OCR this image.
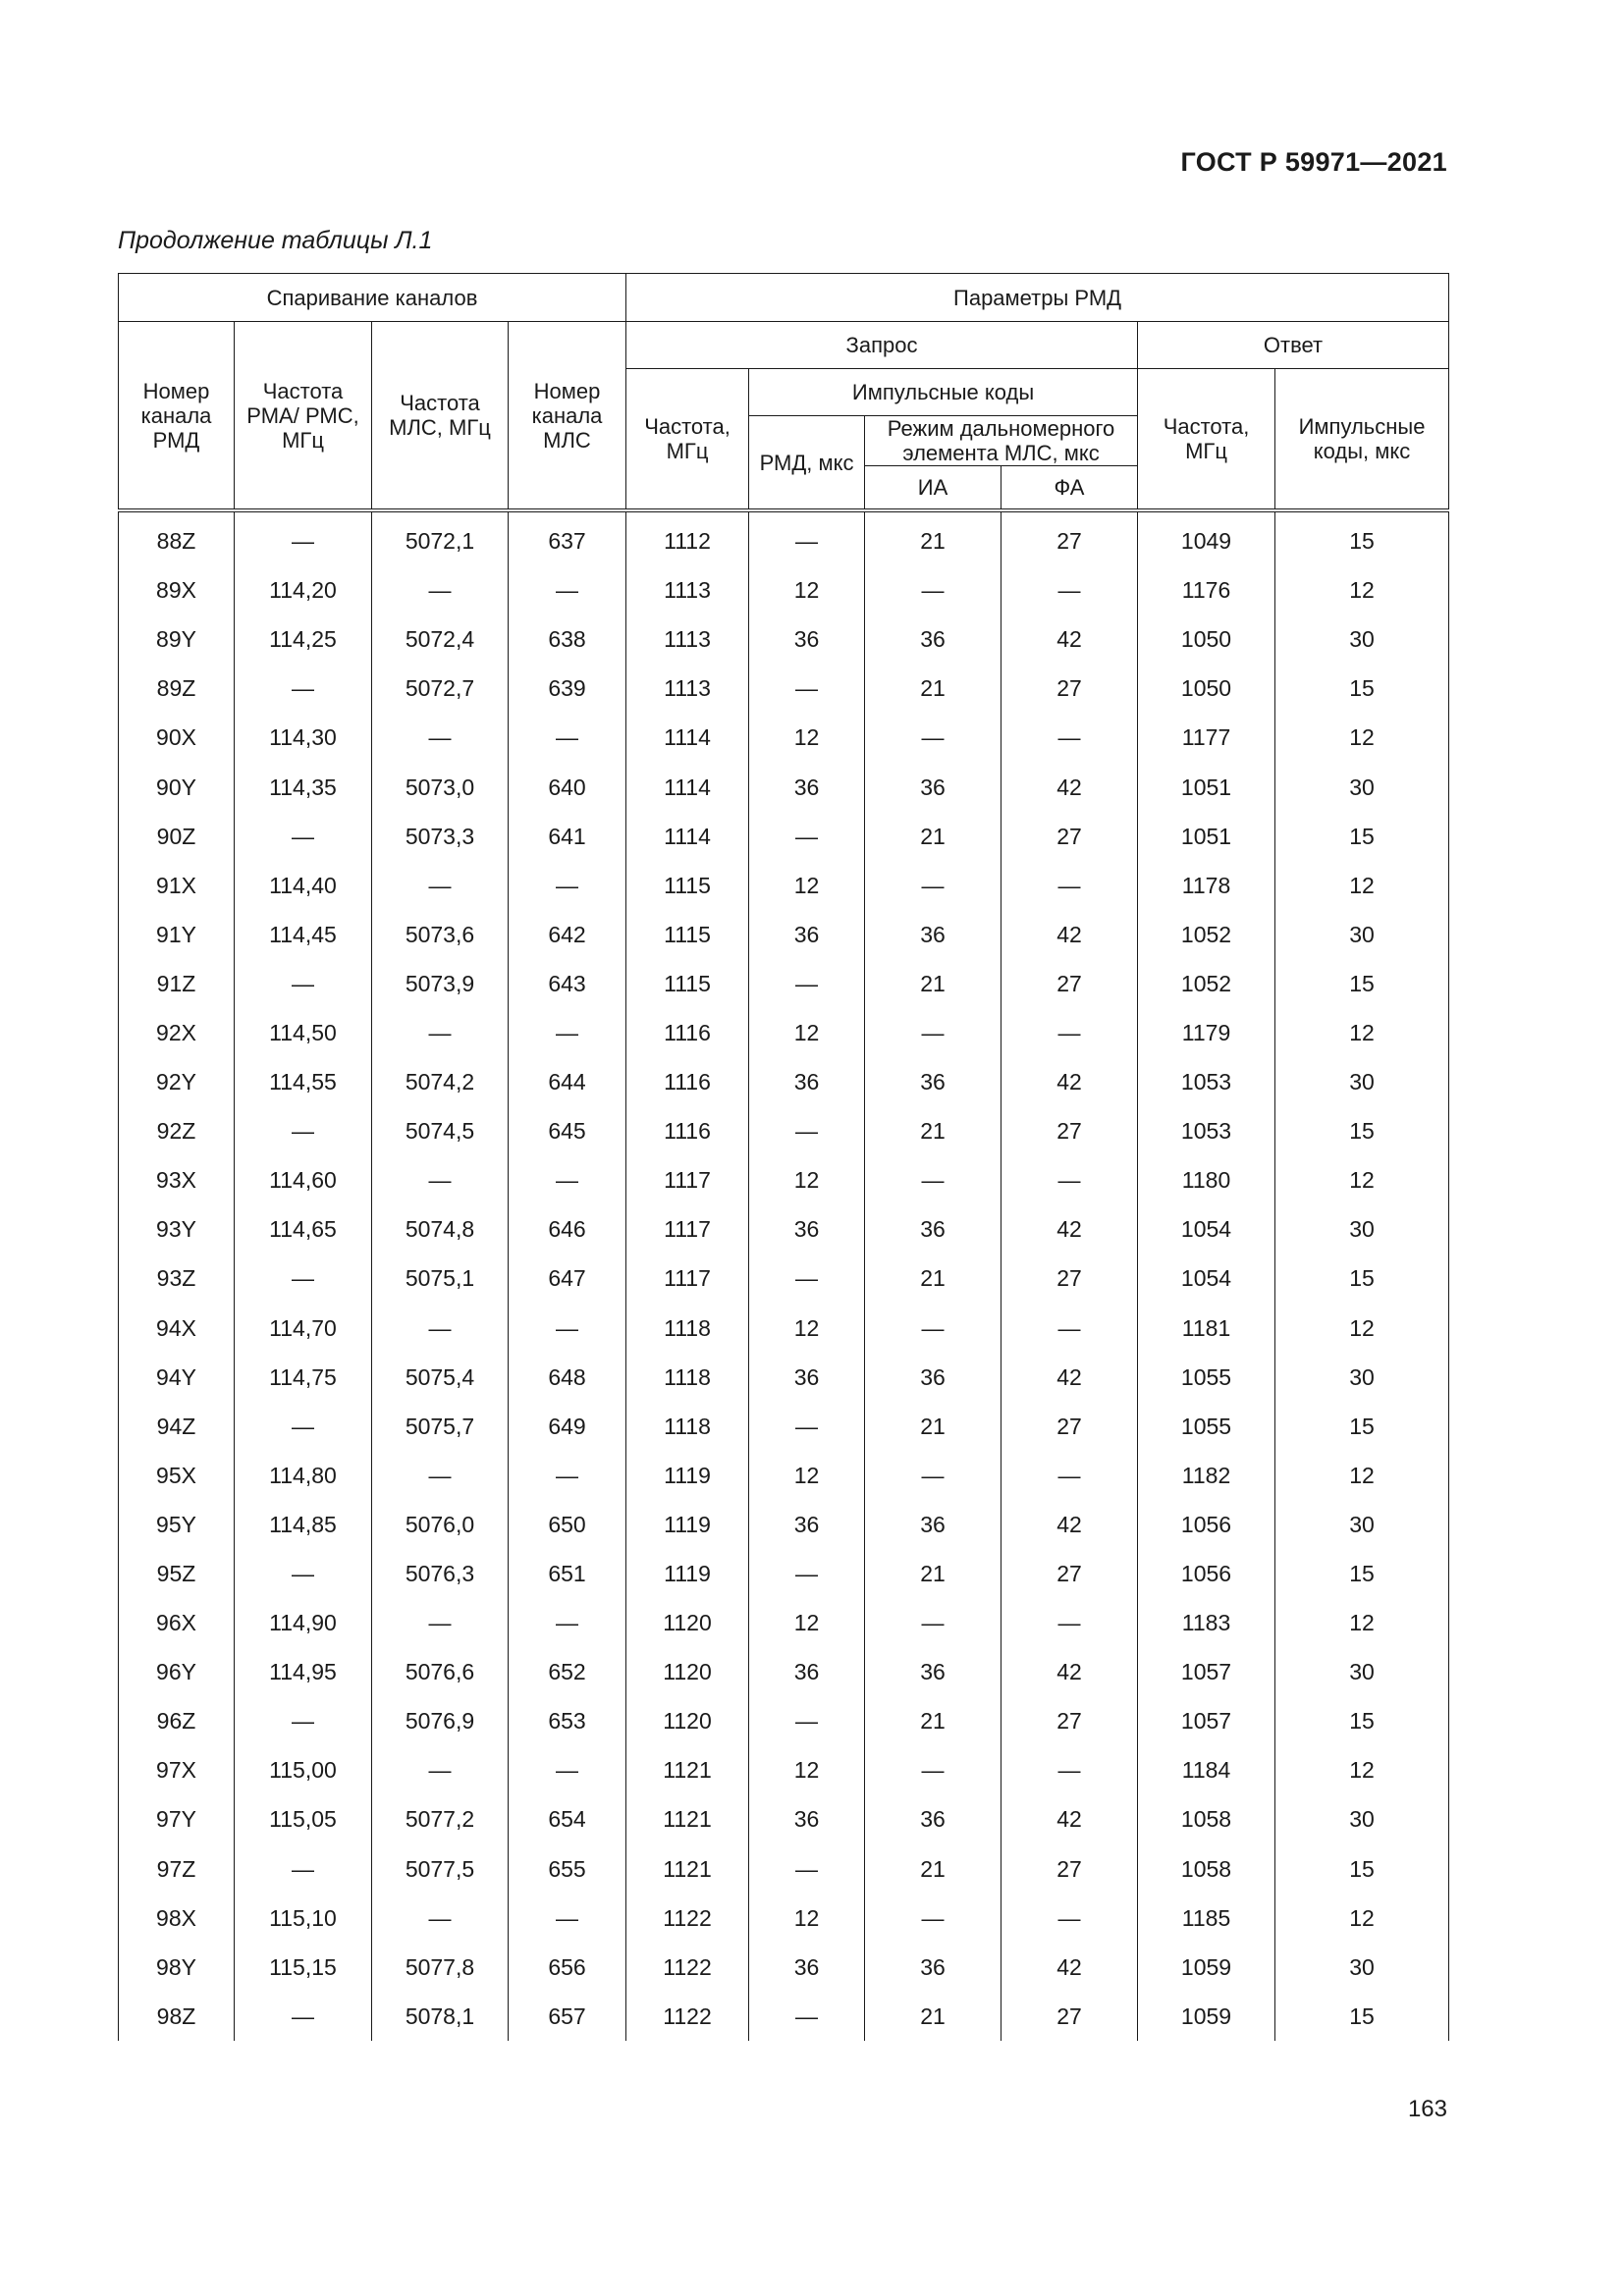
ГОСТ Р 59971—2021
Продолжение таблицы Л.1
Спаривание каналов				Параметры РМД					
Номер канала РМД	Частота РМА/ РМС, МГц	Частота МЛС, МГц	Номер канала МЛС	Запрос				Ответ	
				Частота, МГц	Импульсные коды			Частота, МГц	Импульсные коды, мкс
					РМД, мкс	Режим дальномерного элемента МЛС, мкс			
						ИА	ФА		
88Z	—	5072,1	637	1112	—	21	27	1049	15
89X	114,20	—	—	1113	12	—	—	1176	12
89Y	114,25	5072,4	638	1113	36	36	42	1050	30
89Z	—	5072,7	639	1113	—	21	27	1050	15
90X	114,30	—	—	1114	12	—	—	1177	12
90Y	114,35	5073,0	640	1114	36	36	42	1051	30
90Z	—	5073,3	641	1114	—	21	27	1051	15
91X	114,40	—	—	1115	12	—	—	1178	12
91Y	114,45	5073,6	642	1115	36	36	42	1052	30
91Z	—	5073,9	643	1115	—	21	27	1052	15
92X	114,50	—	—	1116	12	—	—	1179	12
92Y	114,55	5074,2	644	1116	36	36	42	1053	30
92Z	—	5074,5	645	1116	—	21	27	1053	15
93X	114,60	—	—	1117	12	—	—	1180	12
93Y	114,65	5074,8	646	1117	36	36	42	1054	30
93Z	—	5075,1	647	1117	—	21	27	1054	15
94X	114,70	—	—	1118	12	—	—	1181	12
94Y	114,75	5075,4	648	1118	36	36	42	1055	30
94Z	—	5075,7	649	1118	—	21	27	1055	15
95X	114,80	—	—	1119	12	—	—	1182	12
95Y	114,85	5076,0	650	1119	36	36	42	1056	30
95Z	—	5076,3	651	1119	—	21	27	1056	15
96X	114,90	—	—	1120	12	—	—	1183	12
96Y	114,95	5076,6	652	1120	36	36	42	1057	30
96Z	—	5076,9	653	1120	—	21	27	1057	15
97X	115,00	—	—	1121	12	—	—	1184	12
97Y	115,05	5077,2	654	1121	36	36	42	1058	30
97Z	—	5077,5	655	1121	—	21	27	1058	15
98X	115,10	—	—	1122	12	—	—	1185	12
98Y	115,15	5077,8	656	1122	36	36	42	1059	30
98Z	—	5078,1	657	1122	—	21	27	1059	15
163
